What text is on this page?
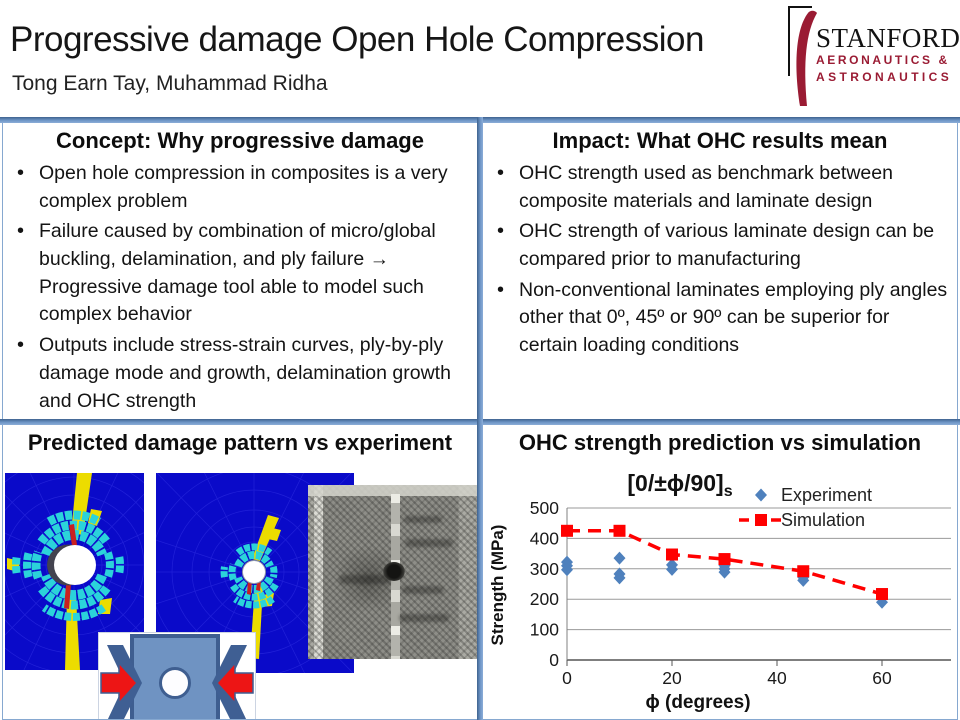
Progressive damage Open Hole Compression
Tong Earn Tay, Muhammad Ridha
STANFORD
AERONAUTICS &
ASTRONAUTICS
Concept: Why progressive damage
• Open hole compression in composites is a very complex problem
• Failure caused by combination of micro/global buckling, delamination, and ply failure → Progressive damage tool able to model such complex behavior
• Outputs include stress-strain curves, ply-by-ply damage mode and growth, delamination growth and OHC strength
Impact: What OHC results mean
• OHC strength used as benchmark between composite materials and laminate design
• OHC strength of various laminate design can be compared prior to manufacturing
• Non-conventional laminates employing ply angles other that 0º, 45º or 90º can be superior for certain loading conditions
Predicted damage pattern vs experiment	OHC strength prediction vs simulation
0
100
200
300
400
500
0	20	40	60
ϕ (degrees)
Strength (MPa)
$[0/\pm\phi/90]_s$	Experiment
Simulation
